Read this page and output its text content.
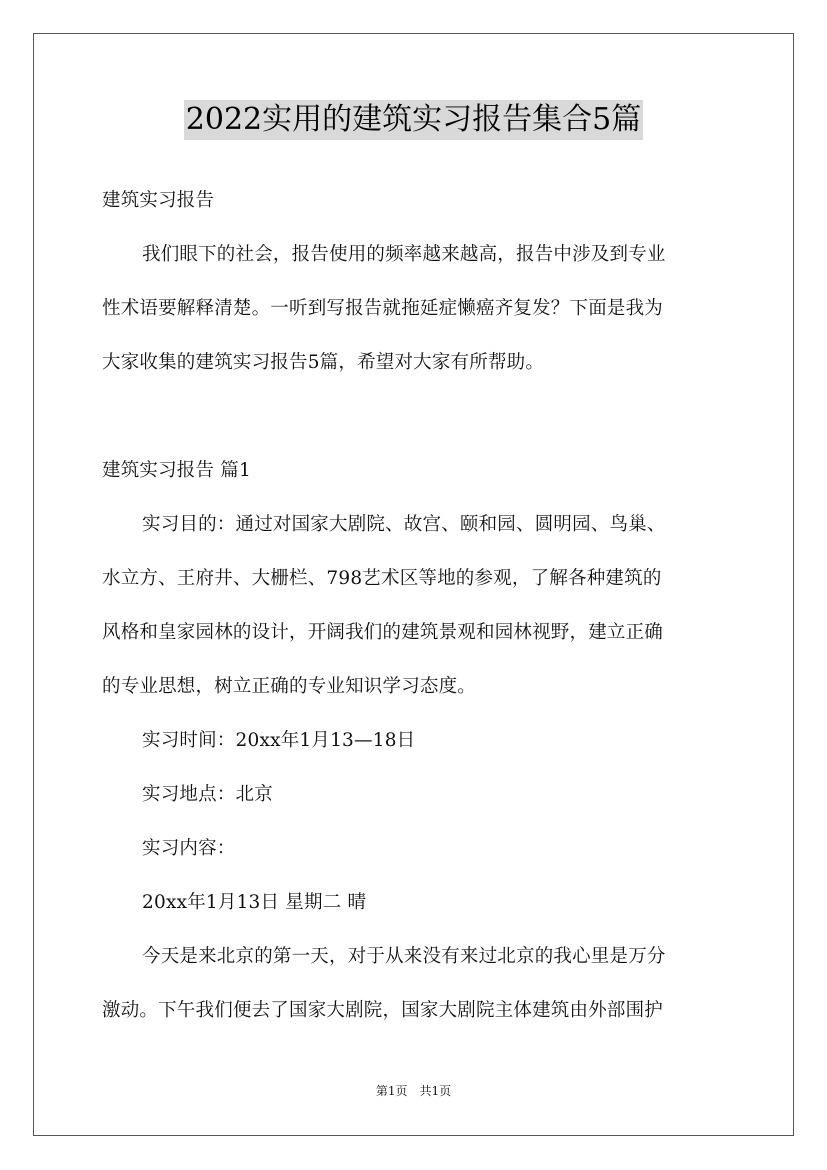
2022实用的建筑实习报告集合5篇
建筑实习报告
我们眼下的社会，报告使用的频率越来越高，报告中涉及到专业
性术语要解释清楚。一听到写报告就拖延症懒癌齐复发？下面是我为
大家收集的建筑实习报告5篇，希望对大家有所帮助。
建筑实习报告 篇1
实习目的：通过对国家大剧院、故宫、颐和园、圆明园、鸟巢、
水立方、王府井、大栅栏、798艺术区等地的参观，了解各种建筑的
风格和皇家园林的设计，开阔我们的建筑景观和园林视野，建立正确
的专业思想，树立正确的专业知识学习态度。
实习时间：20xx年1月13—18日
实习地点：北京
实习内容：
20xx年1月13日 星期二 晴
今天是来北京的第一天，对于从来没有来过北京的我心里是万分
激动。下午我们便去了国家大剧院，国家大剧院主体建筑由外部围护
第1页 共1页
